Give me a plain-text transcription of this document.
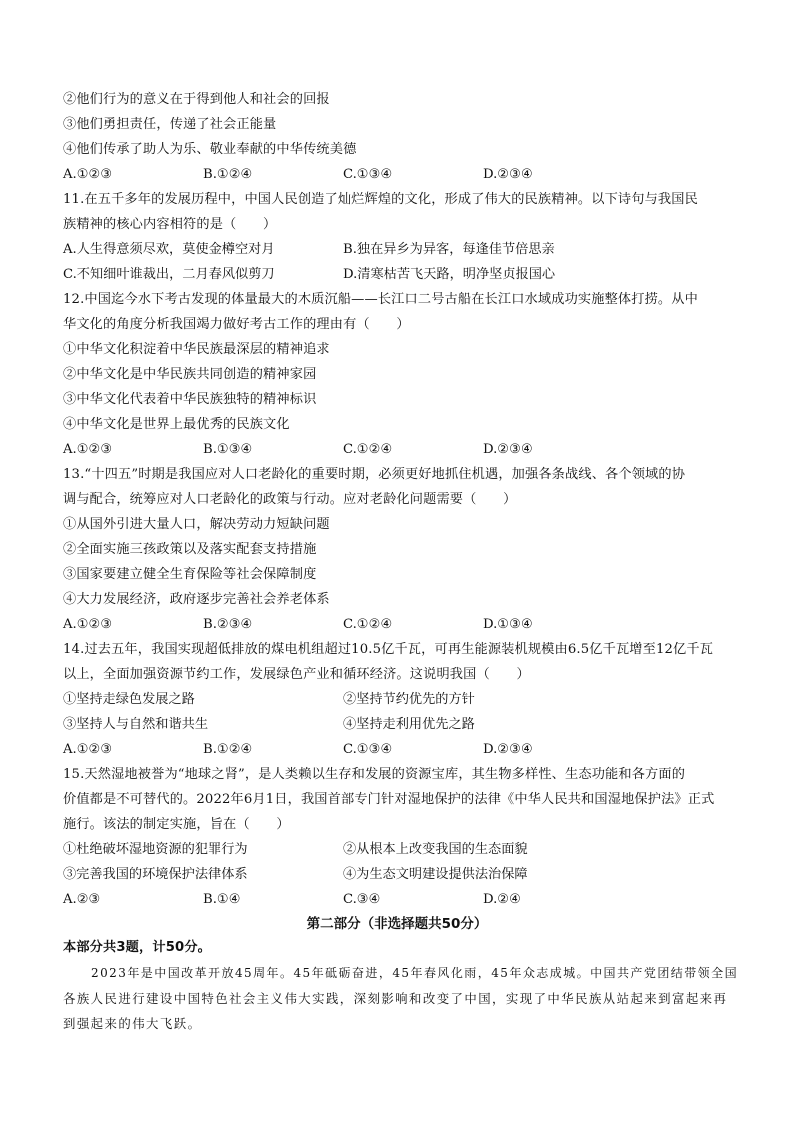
②他们行为的意义在于得到他人和社会的回报
③他们勇担责任，传递了社会正能量
④他们传承了助人为乐、敬业奉献的中华传统美德
A.①②③	B.①②④	C.①③④	D.②③④
11.在五千多年的发展历程中，中国人民创造了灿烂辉煌的文化，形成了伟大的民族精神。以下诗句与我国民
族精神的核心内容相符的是（　　）
A.人生得意须尽欢，莫使金樽空对月	B.独在异乡为异客，每逢佳节倍思亲
C.不知细叶谁裁出，二月春风似剪刀	D.清寒枯苦飞天路，明净坚贞报国心
12.中国迄今水下考古发现的体量最大的木质沉船——长江口二号古船在长江口水域成功实施整体打捞。从中
华文化的角度分析我国竭力做好考古工作的理由有（　　）
①中华文化积淀着中华民族最深层的精神追求
②中华文化是中华民族共同创造的精神家园
③中华文化代表着中华民族独特的精神标识
④中华文化是世界上最优秀的民族文化
A.①②③	B.①③④	C.①②④	D.②③④
13.“十四五”时期是我国应对人口老龄化的重要时期，必须更好地抓住机遇，加强各条战线、各个领域的协
调与配合，统筹应对人口老龄化的政策与行动。应对老龄化问题需要（　　）
①从国外引进大量人口，解决劳动力短缺问题
②全面实施三孩政策以及落实配套支持措施
③国家要建立健全生育保险等社会保障制度
④大力发展经济，政府逐步完善社会养老体系
A.①②③	B.②③④	C.①②④	D.①③④
14.过去五年，我国实现超低排放的煤电机组超过10.5亿千瓦，可再生能源装机规模由6.5亿千瓦增至12亿千瓦
以上，全面加强资源节约工作，发展绿色产业和循环经济。这说明我国（　　）
①坚持走绿色发展之路	②坚持节约优先的方针
③坚持人与自然和谐共生	④坚持走利用优先之路
A.①②③	B.①②④	C.①③④	D.②③④
15.天然湿地被誉为“地球之肾”，是人类赖以生存和发展的资源宝库，其生物多样性、生态功能和各方面的
价值都是不可替代的。2022年6月1日，我国首部专门针对湿地保护的法律《中华人民共和国湿地保护法》正式
施行。该法的制定实施，旨在（　　）
①杜绝破坏湿地资源的犯罪行为	②从根本上改变我国的生态面貌
③完善我国的环境保护法律体系	④为生态文明建设提供法治保障
A.②③	B.①④	C.③④	D.②④
第二部分（非选择题共50分）
本部分共3题，计50分。
2023年是中国改革开放45周年。45年砥砺奋进，45年春风化雨，45年众志成城。中国共产党团结带领全国
各族人民进行建设中国特色社会主义伟大实践，深刻影响和改变了中国，实现了中华民族从站起来到富起来再
到强起来的伟大飞跃。
